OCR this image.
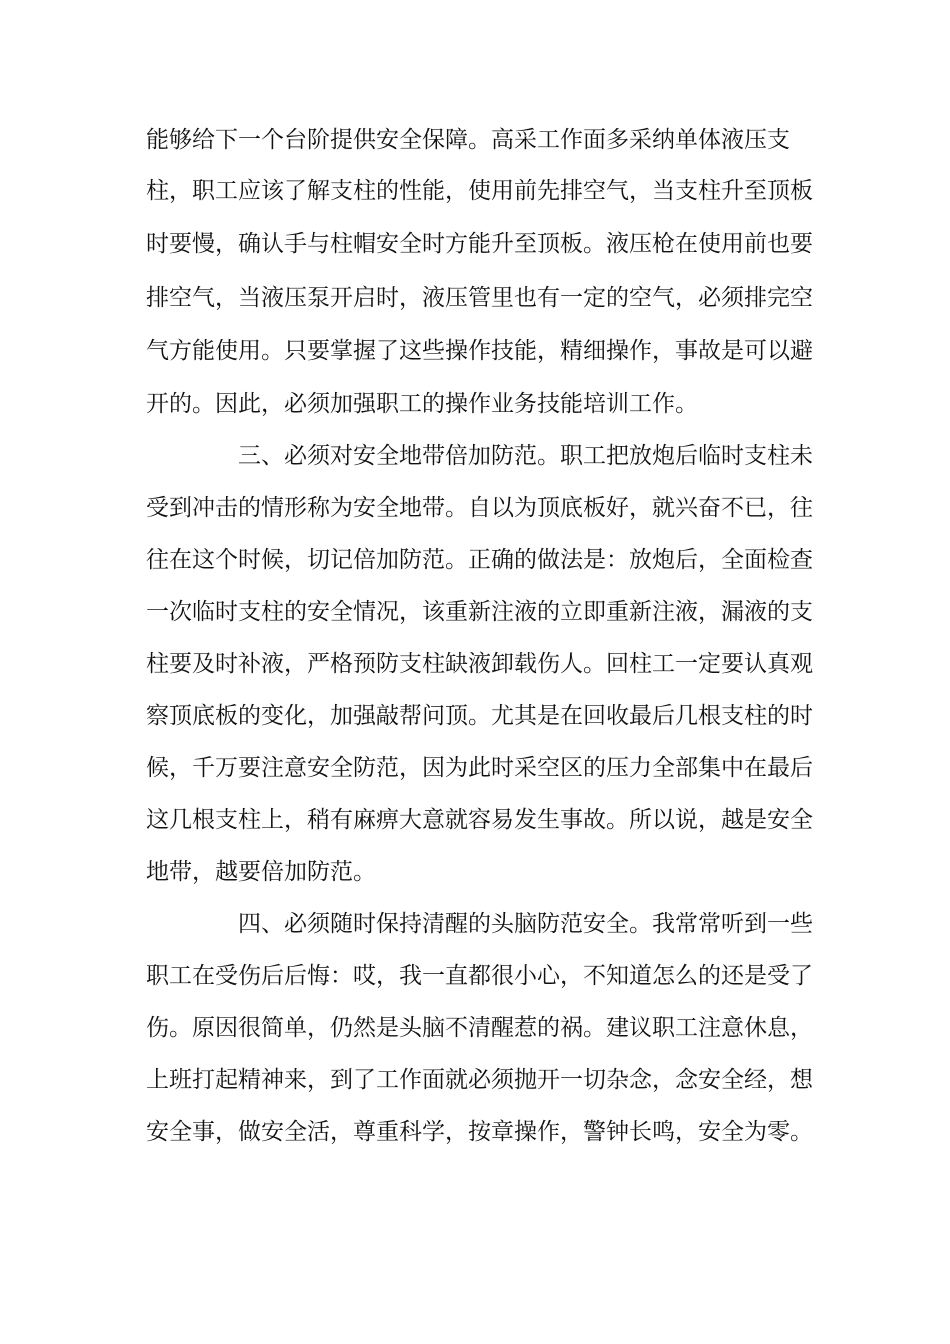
能够给下一个台阶提供安全保障。高采工作面多采纳单体液压支
柱，职工应该了解支柱的性能，使用前先排空气，当支柱升至顶板
时要慢，确认手与柱帽安全时方能升至顶板。液压枪在使用前也要
排空气，当液压泵开启时，液压管里也有一定的空气，必须排完空
气方能使用。只要掌握了这些操作技能，精细操作，事故是可以避
开的。因此，必须加强职工的操作业务技能培训工作。
三、必须对安全地带倍加防范。职工把放炮后临时支柱未
受到冲击的情形称为安全地带。自以为顶底板好，就兴奋不已，往
往在这个时候，切记倍加防范。正确的做法是：放炮后，全面检查
一次临时支柱的安全情况，该重新注液的立即重新注液，漏液的支
柱要及时补液，严格预防支柱缺液卸载伤人。回柱工一定要认真观
察顶底板的变化，加强敲帮问顶。尤其是在回收最后几根支柱的时
候，千万要注意安全防范，因为此时采空区的压力全部集中在最后
这几根支柱上，稍有麻痹大意就容易发生事故。所以说，越是安全
地带，越要倍加防范。
四、必须随时保持清醒的头脑防范安全。我常常听到一些
职工在受伤后后悔：哎，我一直都很小心，不知道怎么的还是受了
伤。原因很简单，仍然是头脑不清醒惹的祸。建议职工注意休息，
上班打起精神来，到了工作面就必须抛开一切杂念，念安全经，想
安全事，做安全活，尊重科学，按章操作，警钟长鸣，安全为零。
